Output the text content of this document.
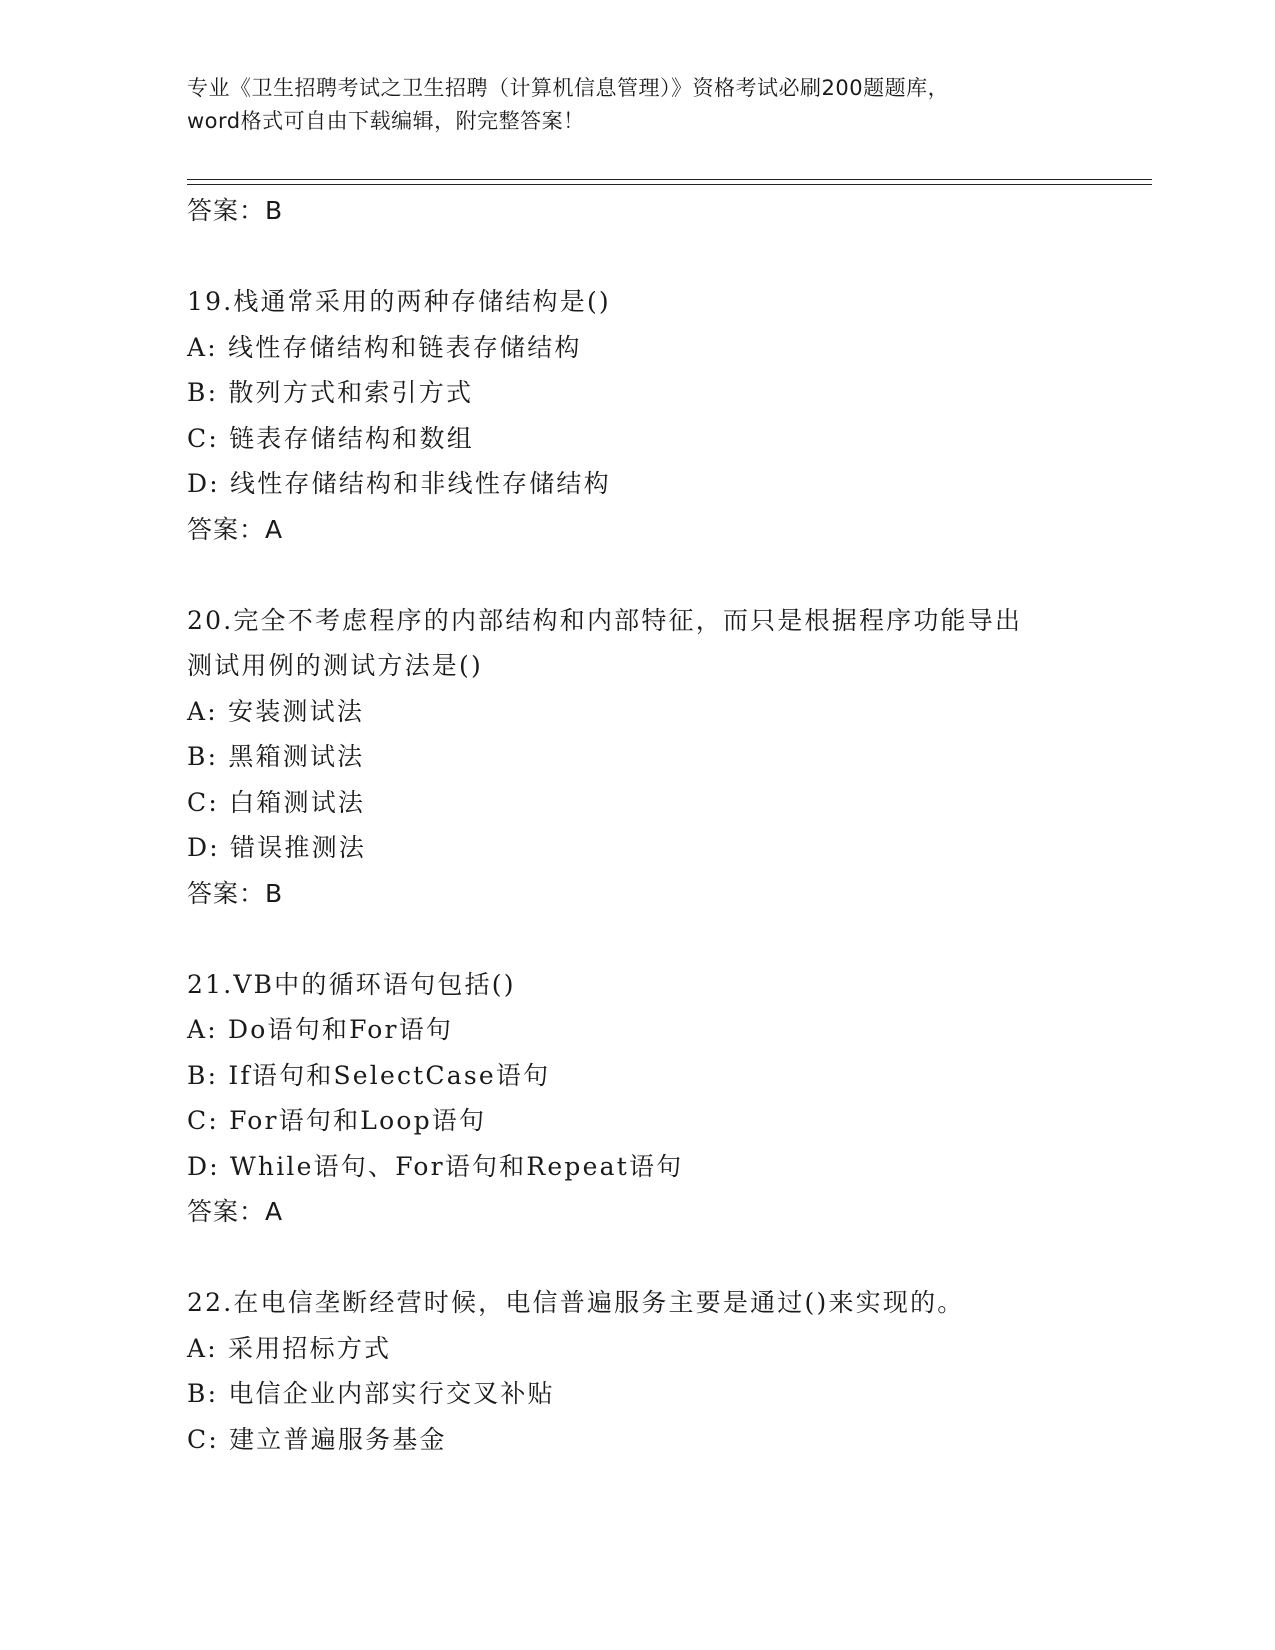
专业《卫生招聘考试之卫生招聘（计算机信息管理）》资格考试必刷200题题库，
word格式可自由下载编辑，附完整答案！
答案：B
19.栈通常采用的两种存储结构是()
A: 线性存储结构和链表存储结构
B: 散列方式和索引方式
C: 链表存储结构和数组
D: 线性存储结构和非线性存储结构
答案：A
20.完全不考虑程序的内部结构和内部特征，而只是根据程序功能导出
测试用例的测试方法是()
A: 安装测试法
B: 黑箱测试法
C: 白箱测试法
D: 错误推测法
答案：B
21.VB中的循环语句包括()
A: Do语句和For语句
B: If语句和SelectCase语句
C: For语句和Loop语句
D: While语句、For语句和Repeat语句
答案：A
22.在电信垄断经营时候，电信普遍服务主要是通过()来实现的。
A: 采用招标方式
B: 电信企业内部实行交叉补贴
C: 建立普遍服务基金
